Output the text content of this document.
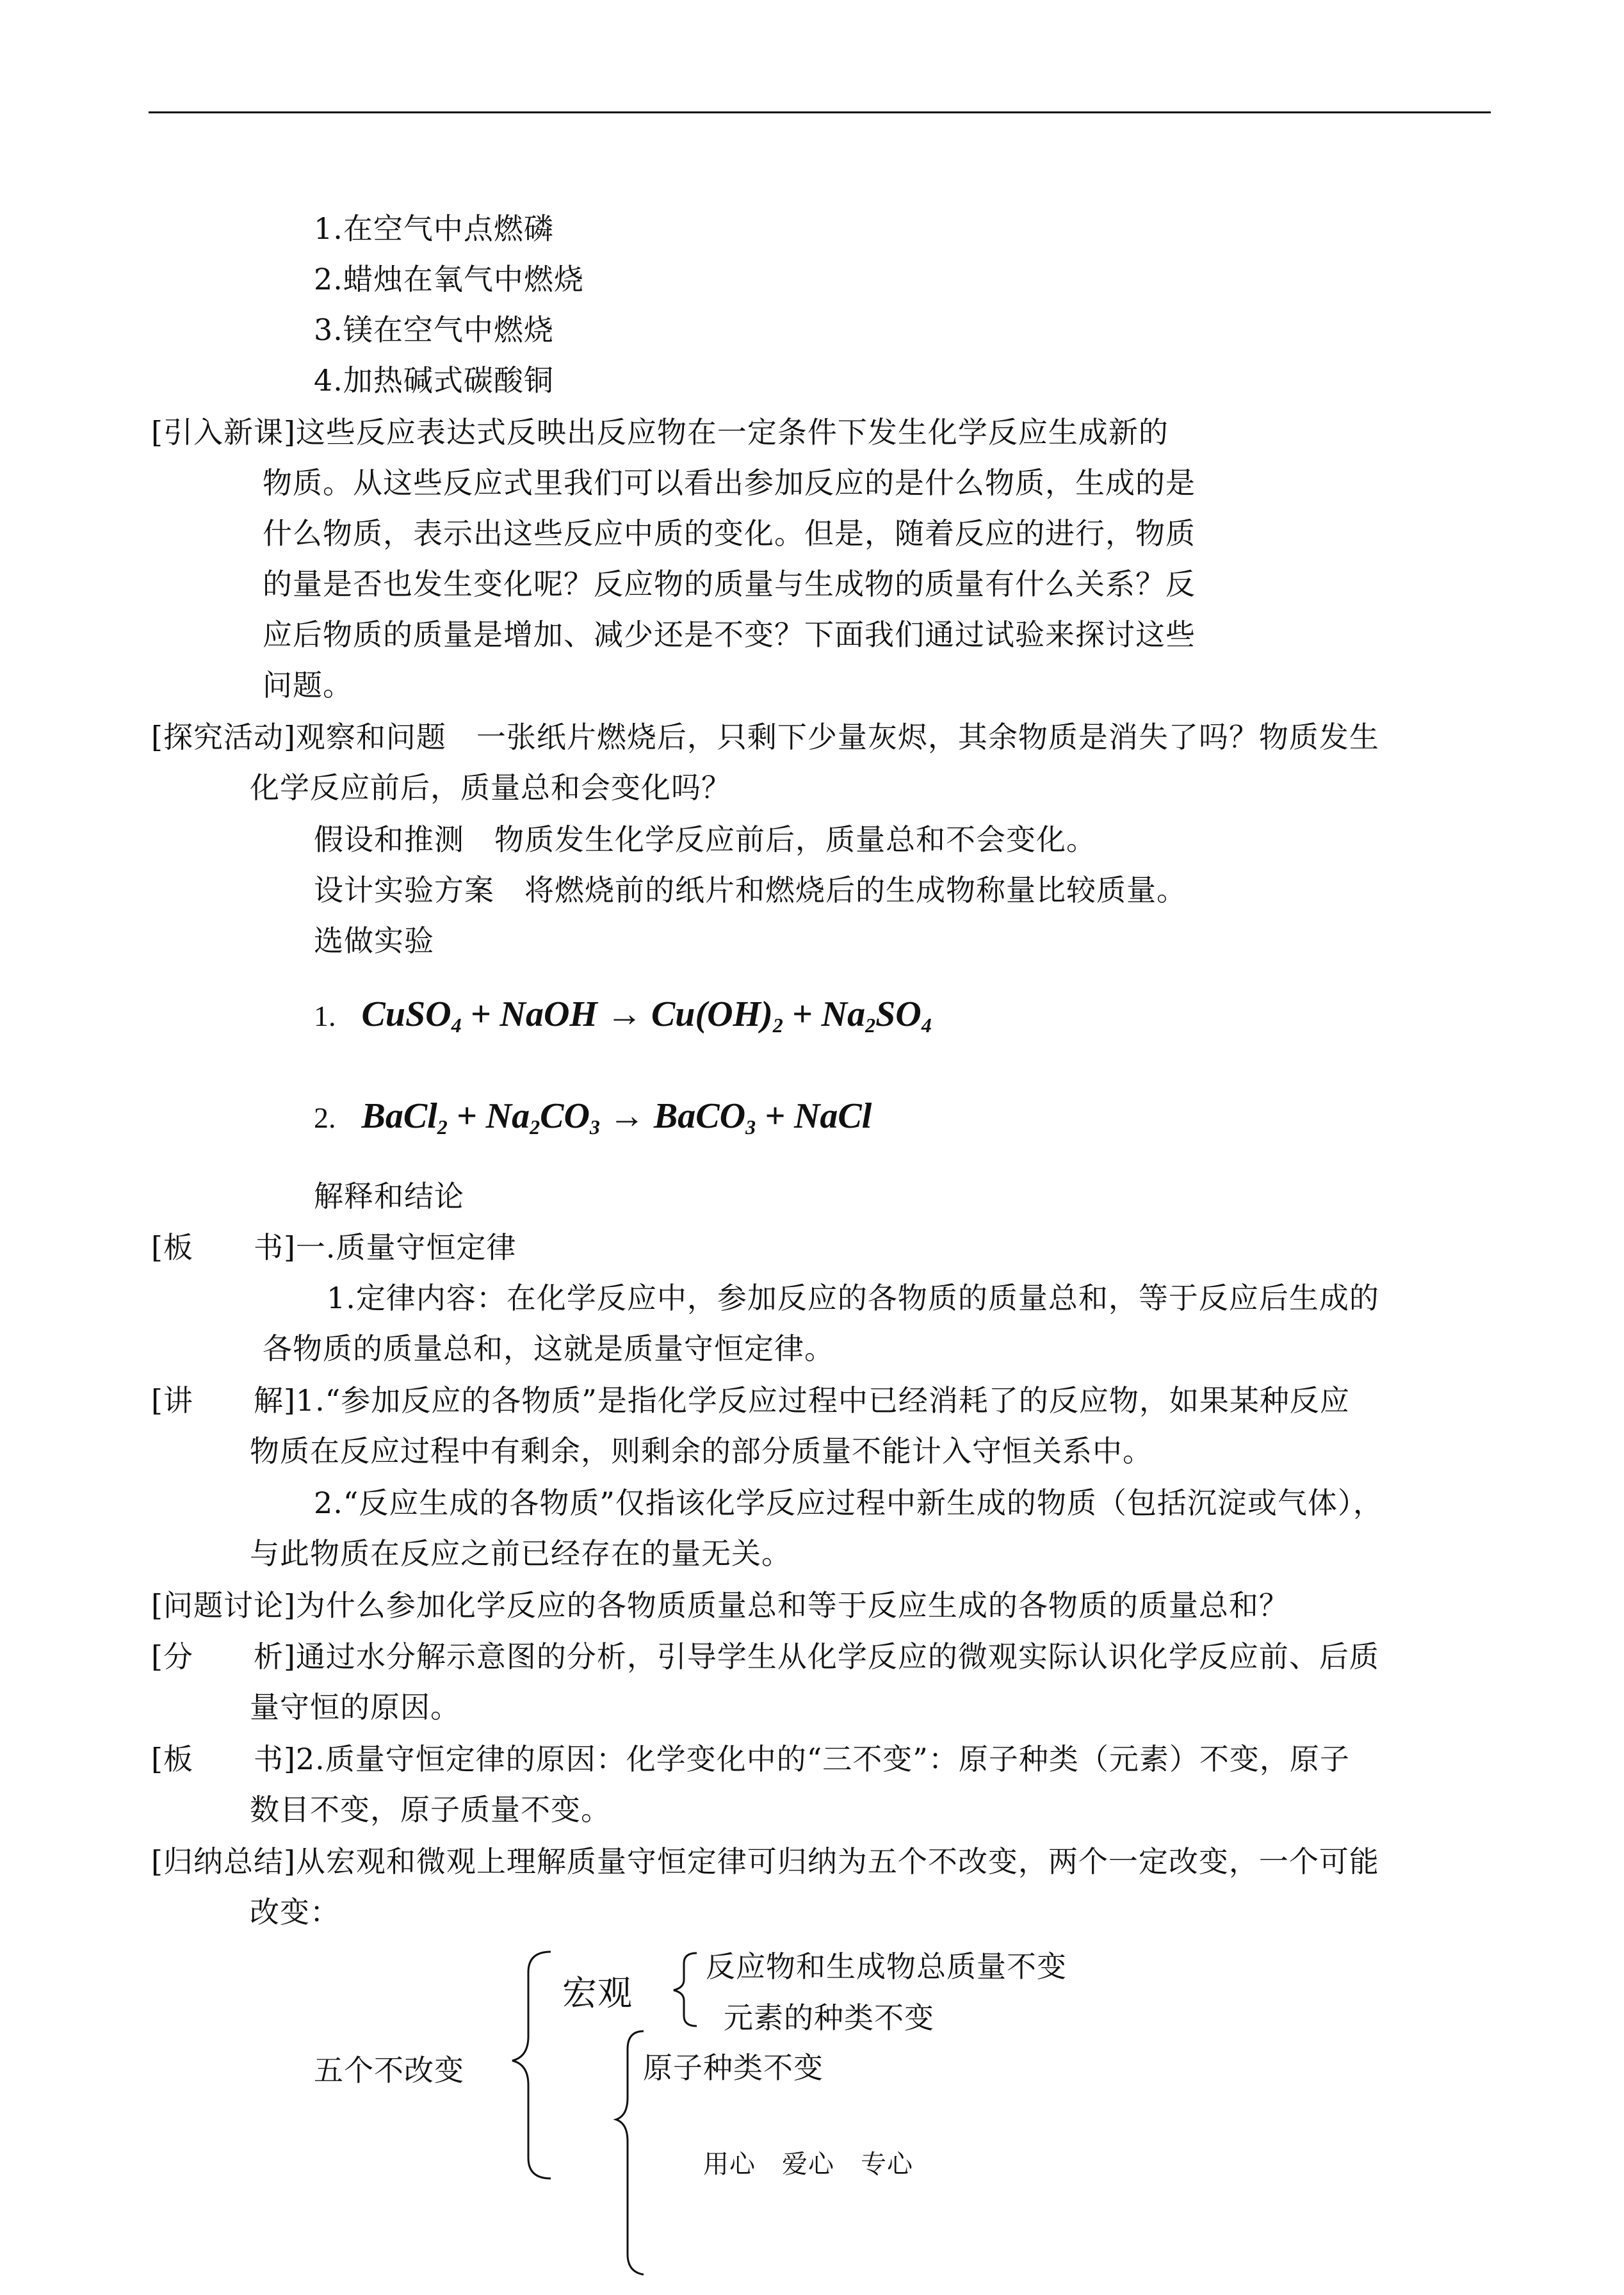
1.在空气中点燃磷
2.蜡烛在氧气中燃烧
3.镁在空气中燃烧
4.加热碱式碳酸铜
[引入新课]这些反应表达式反映出反应物在一定条件下发生化学反应生成新的
物质。从这些反应式里我们可以看出参加反应的是什么物质，生成的是
什么物质，表示出这些反应中质的变化。但是，随着反应的进行，物质
的量是否也发生变化呢？反应物的质量与生成物的质量有什么关系？反
应后物质的质量是增加、减少还是不变？下面我们通过试验来探讨这些
问题。
[探究活动]观察和问题　一张纸片燃烧后，只剩下少量灰烬，其余物质是消失了吗？物质发生
化学反应前后，质量总和会变化吗？
假设和推测　物质发生化学反应前后，质量总和不会变化。
设计实验方案　将燃烧前的纸片和燃烧后的生成物称量比较质量。
选做实验
1. CuSO$_4$ + NaOH → $Cu(OH)_2 + Na_2SO_4$
2. BaCl$_2$ + $Na_2CO_3$ → BaCO$_3$ + NaCl
解释和结论
[板　　书]一.质量守恒定律
1.定律内容：在化学反应中，参加反应的各物质的质量总和，等于反应后生成的
各物质的质量总和，这就是质量守恒定律。
[讲　　解]1.“参加反应的各物质”是指化学反应过程中已经消耗了的反应物，如果某种反应
物质在反应过程中有剩余，则剩余的部分质量不能计入守恒关系中。
2.“反应生成的各物质”仅指该化学反应过程中新生成的物质（包括沉淀或气体），
与此物质在反应之前已经存在的量无关。
[问题讨论]为什么参加化学反应的各物质质量总和等于反应生成的各物质的质量总和？
[分　　析]通过水分解示意图的分析，引导学生从化学反应的微观实际认识化学反应前、后质
量守恒的原因。
[板　　书]2.质量守恒定律的原因：化学变化中的“三不变”：原子种类（元素）不变，原子
数目不变，原子质量不变。
[归纳总结]从宏观和微观上理解质量守恒定律可归纳为五个不改变，两个一定改变，一个可能
改变：
宏观
反应物和生成物总质量不变
元素的种类不变
五个不改变	原子种类不变
用心　爱心　专心
